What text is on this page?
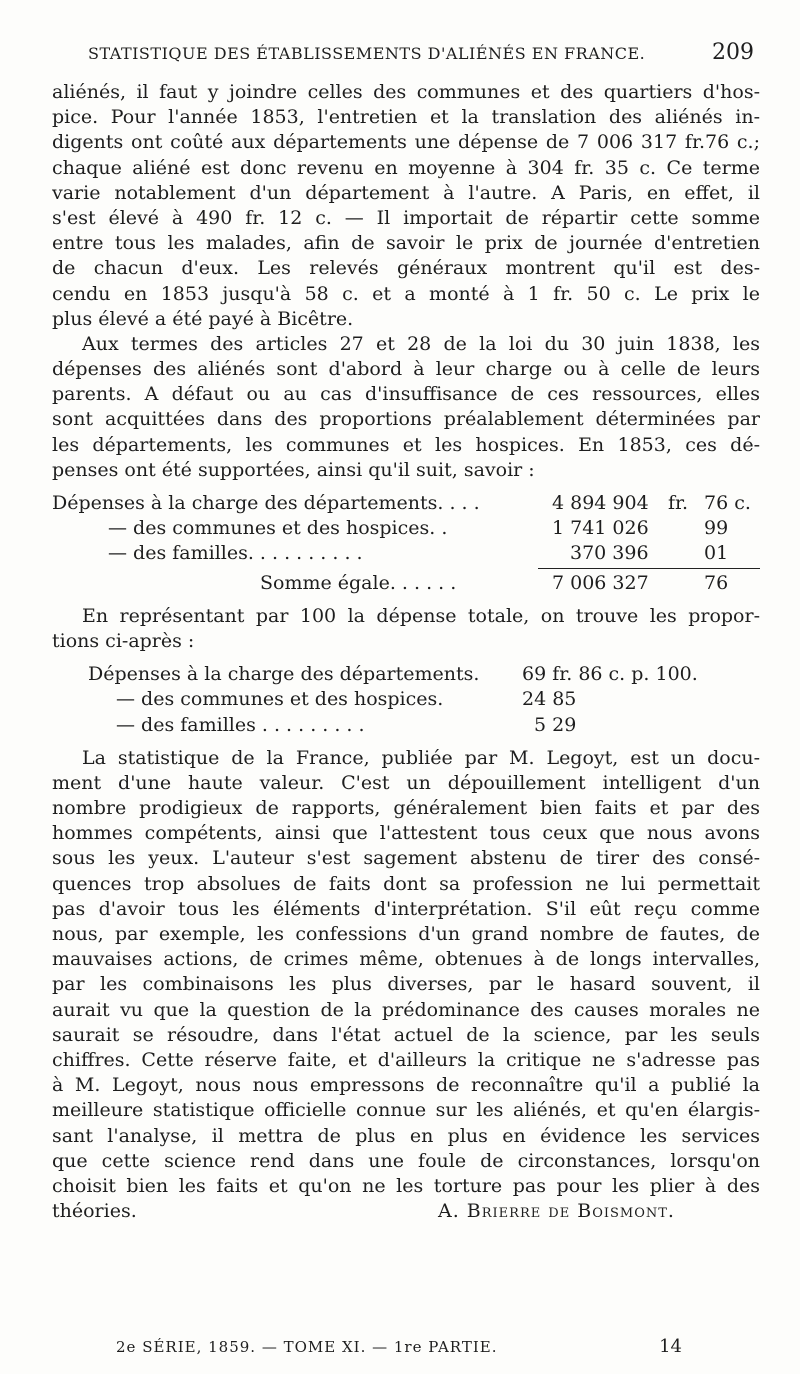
STATISTIQUE DES ÉTABLISSEMENTS D'ALIÉNÉS EN FRANCE.	209
aliénés, il faut y joindre celles des communes et des quartiers d'hos-
pice. Pour l'année 1853, l'entretien et la translation des aliénés in-
digents ont coûté aux départements une dépense de 7 006 317 fr.76 c.;
chaque aliéné est donc revenu en moyenne à 304 fr. 35 c. Ce terme
varie notablement d'un département à l'autre. A Paris, en effet, il
s'est élevé à 490 fr. 12 c. — Il importait de répartir cette somme
entre tous les malades, afin de savoir le prix de journée d'entretien
de chacun d'eux. Les relevés généraux montrent qu'il est des-
cendu en 1853 jusqu'à 58 c. et a monté à 1 fr. 50 c. Le prix le
plus élevé a été payé à Bicêtre.
Aux termes des articles 27 et 28 de la loi du 30 juin 1838, les
dépenses des aliénés sont d'abord à leur charge ou à celle de leurs
parents. A défaut ou au cas d'insuffisance de ces ressources, elles
sont acquittées dans des proportions préalablement déterminées par
les départements, les communes et les hospices. En 1853, ces dé-
penses ont été supportées, ainsi qu'il suit, savoir :
Dépenses à la charge des départements. . . .	4 894 904 fr. 76 c.
— des communes et des hospices. .	1 741 026	99
— des familles. . . . . . . . . .	370 396	01
Somme égale. . . . . .	7 006 327	76
En représentant par 100 la dépense totale, on trouve les propor-
tions ci-après :
Dépenses à la charge des départements. 69 fr. 86 c. p. 100.
— des communes et des hospices.	24 85
— des familles . . . . . . . . .	5 29
La statistique de la France, publiée par M. Legoyt, est un docu-
ment d'une haute valeur. C'est un dépouillement intelligent d'un
nombre prodigieux de rapports, généralement bien faits et par des
hommes compétents, ainsi que l'attestent tous ceux que nous avons
sous les yeux. L'auteur s'est sagement abstenu de tirer des consé-
quences trop absolues de faits dont sa profession ne lui permettait
pas d'avoir tous les éléments d'interprétation. S'il eût reçu comme
nous, par exemple, les confessions d'un grand nombre de fautes, de
mauvaises actions, de crimes même, obtenues à de longs intervalles,
par les combinaisons les plus diverses, par le hasard souvent, il
aurait vu que la question de la prédominance des causes morales ne
saurait se résoudre, dans l'état actuel de la science, par les seuls
chiffres. Cette réserve faite, et d'ailleurs la critique ne s'adresse pas
à M. Legoyt, nous nous empressons de reconnaître qu'il a publié la
meilleure statistique officielle connue sur les aliénés, et qu'en élargis-
sant l'analyse, il mettra de plus en plus en évidence les services
que cette science rend dans une foule de circonstances, lorsqu'on
choisit bien les faits et qu'on ne les torture pas pour les plier à des
théories.	A. Brierre de Boismont.
2e SÉRIE, 1859. — TOME XI. — 1re PARTIE.	14
